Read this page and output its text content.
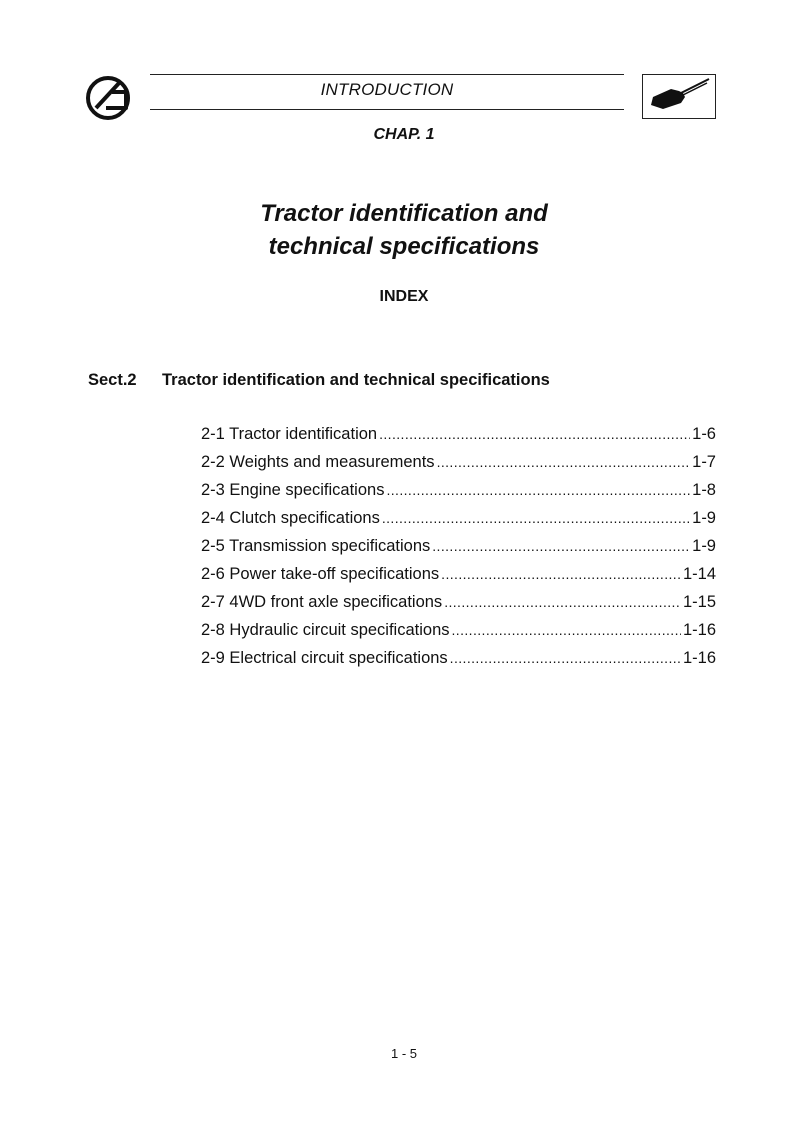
INTRODUCTION
CHAP. 1
Tractor identification and
technical specifications
INDEX
Sect.2 Tractor identification and technical specifications
2-1 Tractor identification .....	1-6
2-2 Weights and measurements .....	1-7
2-3 Engine specifications .....	1-8
2-4 Clutch specifications .....	1-9
2-5 Transmission specifications .....	1-9
2-6 Power take-off specifications .....	1-14
2-7 4WD front axle specifications .....	1-15
2-8 Hydraulic circuit specifications .....	1-16
2-9 Electrical circuit specifications .....	1-16
1 - 5
